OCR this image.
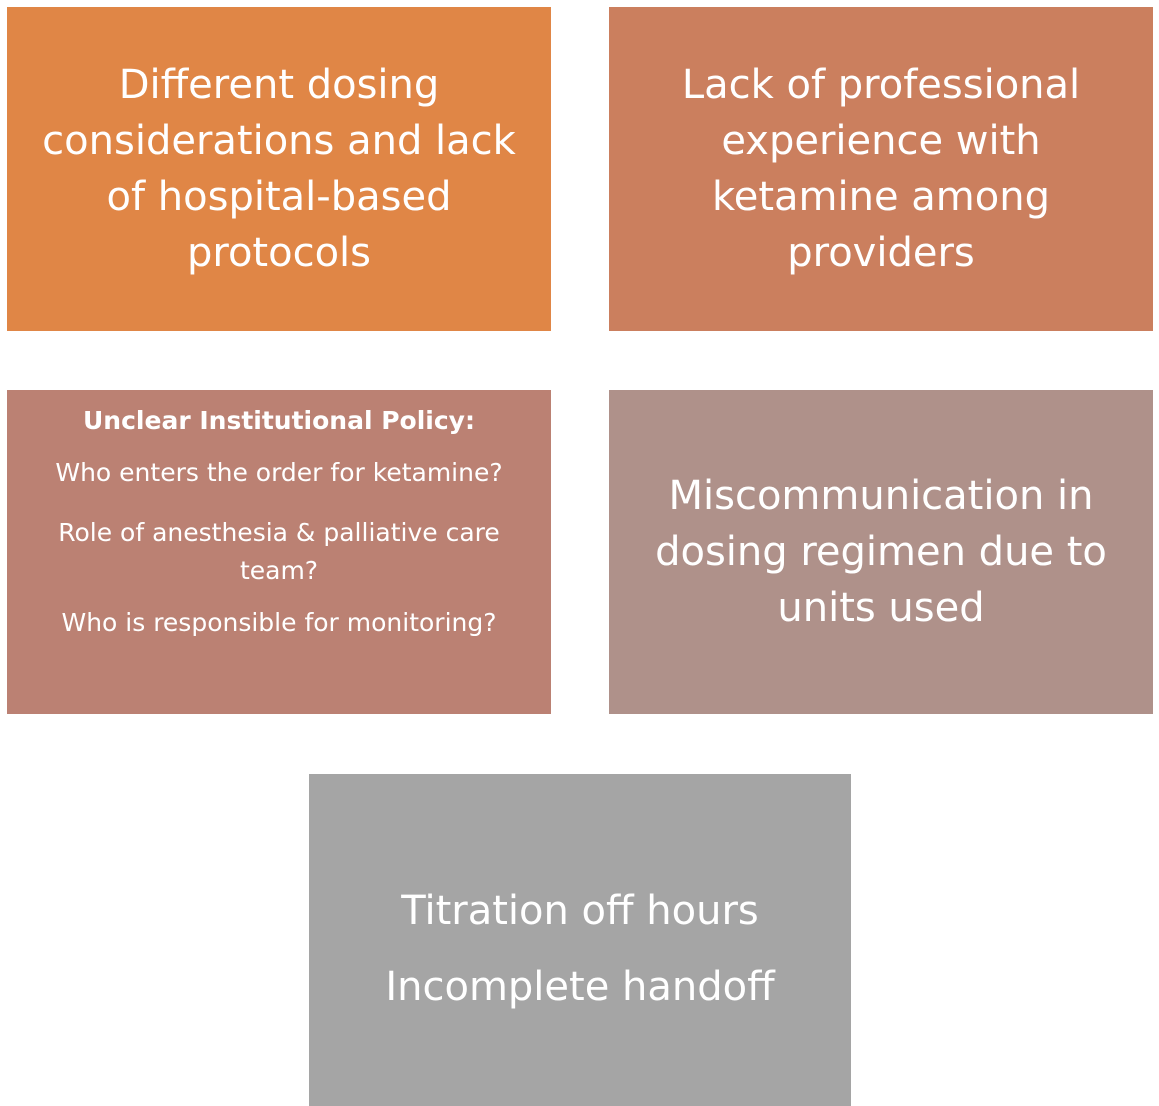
Different dosing considerations and lack of hospital-based protocols
Lack of professional experience with ketamine among providers
Unclear Institutional Policy:
Who enters the order for ketamine?
Role of anesthesia & palliative care team?
Who is responsible for monitoring?
Miscommunication in dosing regimen due to units used
Titration off hours
Incomplete handoff
